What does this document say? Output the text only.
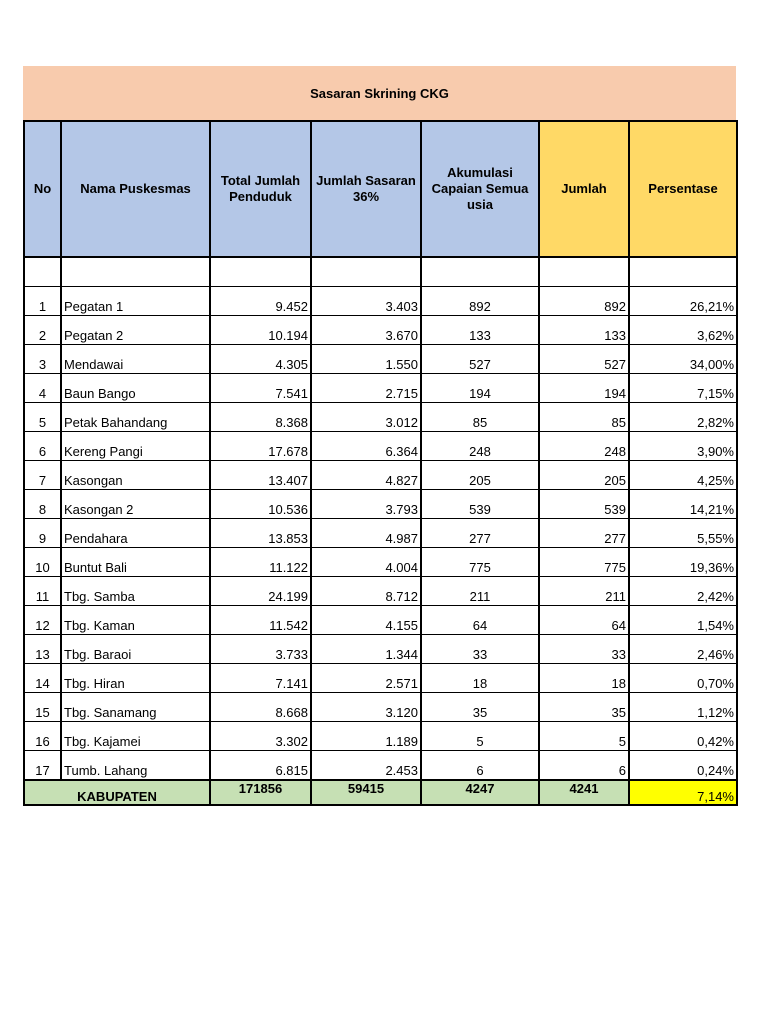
Sasaran Skrining CKG
No	Nama Puskesmas	Total Jumlah Penduduk	Jumlah Sasaran 36%	Akumulasi Capaian Semua usia	Jumlah	Persentase

1	Pegatan 1	9.452	3.403	892	892	26,21%
2	Pegatan 2	10.194	3.670	133	133	3,62%
3	Mendawai	4.305	1.550	527	527	34,00%
4	Baun Bango	7.541	2.715	194	194	7,15%
5	Petak Bahandang	8.368	3.012	85	85	2,82%
6	Kereng Pangi	17.678	6.364	248	248	3,90%
7	Kasongan	13.407	4.827	205	205	4,25%
8	Kasongan 2	10.536	3.793	539	539	14,21%
9	Pendahara	13.853	4.987	277	277	5,55%
10	Buntut Bali	11.122	4.004	775	775	19,36%
11	Tbg. Samba	24.199	8.712	211	211	2,42%
12	Tbg. Kaman	11.542	4.155	64	64	1,54%
13	Tbg. Baraoi	3.733	1.344	33	33	2,46%
14	Tbg. Hiran	7.141	2.571	18	18	0,70%
15	Tbg. Sanamang	8.668	3.120	35	35	1,12%
16	Tbg. Kajamei	3.302	1.189	5	5	0,42%
17	Tumb. Lahang	6.815	2.453	6	6	0,24%
KABUPATEN		171856	59415	4247	4241	7,14%
